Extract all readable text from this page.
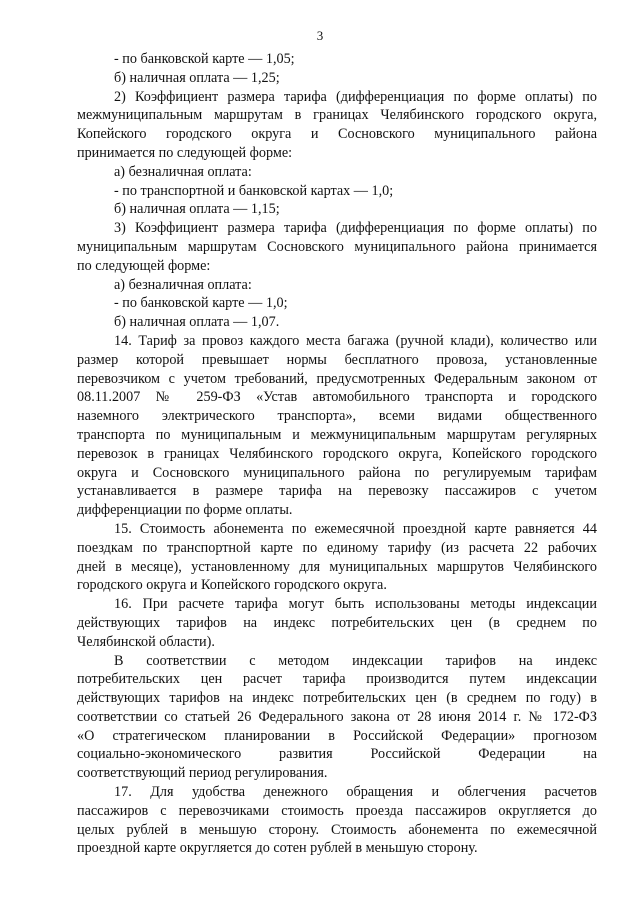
3
- по банковской карте — 1,05;
б) наличная оплата — 1,25;
2) Коэффициент размера тарифа (дифференциация по форме оплаты) по
межмуниципальным маршрутам в границах Челябинского городского округа,
Копейского городского округа и Сосновского муниципального района
принимается по следующей форме:
а) безналичная оплата:
- по транспортной и банковской картах — 1,0;
б) наличная оплата — 1,15;
3) Коэффициент размера тарифа (дифференциация по форме оплаты) по
муниципальным маршрутам Сосновского муниципального района принимается
по следующей форме:
а) безналичная оплата:
- по банковской карте — 1,0;
б) наличная оплата — 1,07.
14. Тариф за провоз каждого места багажа (ручной клади), количество или
размер которой превышает нормы бесплатного провоза, установленные
перевозчиком с учетом требований, предусмотренных Федеральным законом от
08.11.2007 № 259-ФЗ «Устав автомобильного транспорта и городского
наземного электрического транспорта», всеми видами общественного
транспорта по муниципальным и межмуниципальным маршрутам регулярных
перевозок в границах Челябинского городского округа, Копейского городского
округа и Сосновского муниципального района по регулируемым тарифам
устанавливается в размере тарифа на перевозку пассажиров с учетом
дифференциации по форме оплаты.
15. Стоимость абонемента по ежемесячной проездной карте равняется 44
поездкам по транспортной карте по единому тарифу (из расчета 22 рабочих
дней в месяце), установленному для муниципальных маршрутов Челябинского
городского округа и Копейского городского округа.
16. При расчете тарифа могут быть использованы методы индексации
действующих тарифов на индекс потребительских цен (в среднем по
Челябинской области).
В соответствии с методом индексации тарифов на индекс
потребительских цен расчет тарифа производится путем индексации
действующих тарифов на индекс потребительских цен (в среднем по году) в
соответствии со статьей 26 Федерального закона от 28 июня 2014 г. № 172-ФЗ
«О стратегическом планировании в Российской Федерации» прогнозом
социально-экономического развития Российской Федерации на
соответствующий период регулирования.
17. Для удобства денежного обращения и облегчения расчетов
пассажиров с перевозчиками стоимость проезда пассажиров округляется до
целых рублей в меньшую сторону. Стоимость абонемента по ежемесячной
проездной карте округляется до сотен рублей в меньшую сторону.
